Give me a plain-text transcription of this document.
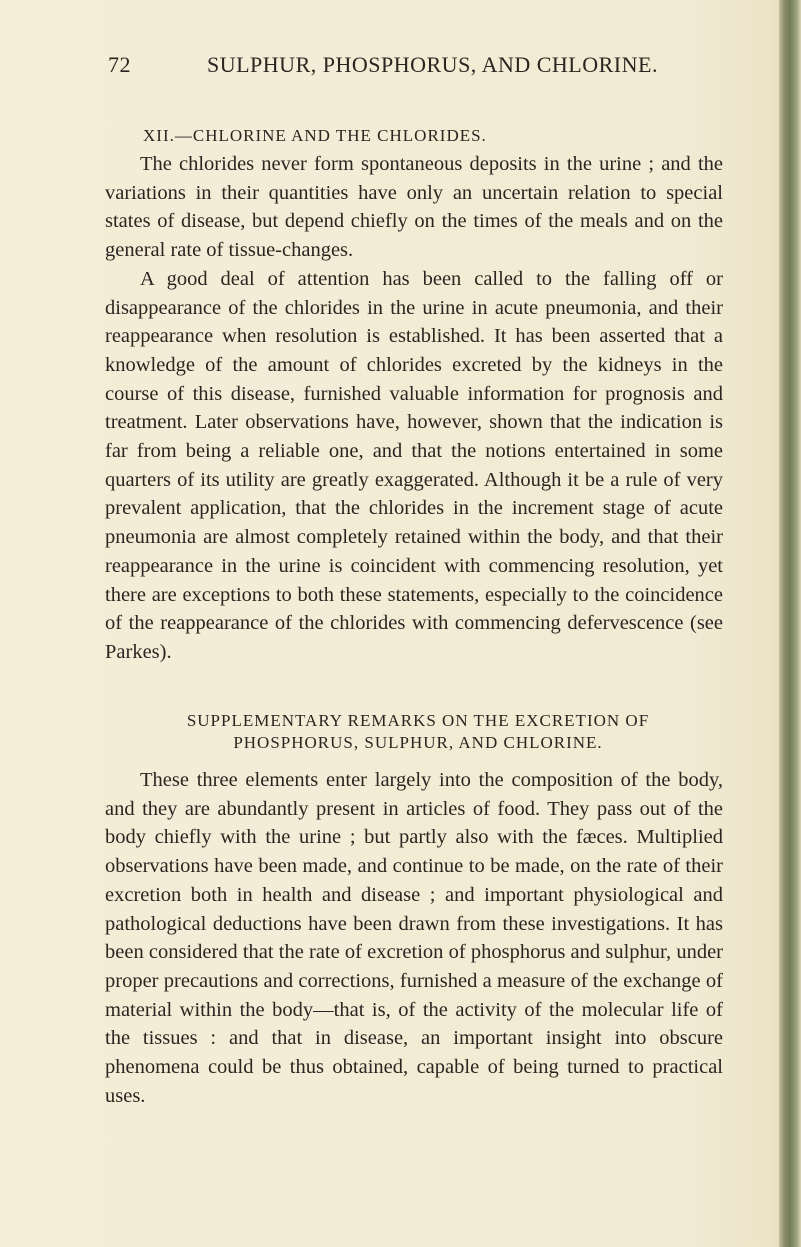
72	SULPHUR, PHOSPHORUS, AND CHLORINE.
XII.—CHLORINE AND THE CHLORIDES.

The chlorides never form spontaneous deposits in the urine ; and the variations in their quantities have only an uncertain relation to special states of disease, but depend chiefly on the times of the meals and on the general rate of tissue-changes.

A good deal of attention has been called to the falling off or disappearance of the chlorides in the urine in acute pneumonia, and their reappearance when resolution is established. It has been asserted that a knowledge of the amount of chlorides excreted by the kidneys in the course of this disease, furnished valuable information for prognosis and treatment. Later observations have, however, shown that the indication is far from being a reliable one, and that the notions entertained in some quarters of its utility are greatly exaggerated. Although it be a rule of very prevalent application, that the chlorides in the increment stage of acute pneumonia are almost completely retained within the body, and that their reappearance in the urine is coincident with commencing resolution, yet there are exceptions to both these statements, especially to the coincidence of the reappearance of the chlorides with commencing defervescence (see Parkes).

SUPPLEMENTARY REMARKS ON THE EXCRETION OF PHOSPHORUS, SULPHUR, AND CHLORINE.

These three elements enter largely into the composition of the body, and they are abundantly present in articles of food. They pass out of the body chiefly with the urine ; but partly also with the fæces. Multiplied observations have been made, and continue to be made, on the rate of their excretion both in health and disease ; and important physiological and pathological deductions have been drawn from these investigations. It has been considered that the rate of excretion of phosphorus and sulphur, under proper precautions and corrections, furnished a measure of the exchange of material within the body—that is, of the activity of the molecular life of the tissues : and that in disease, an important insight into obscure phenomena could be thus obtained, capable of being turned to practical uses.
